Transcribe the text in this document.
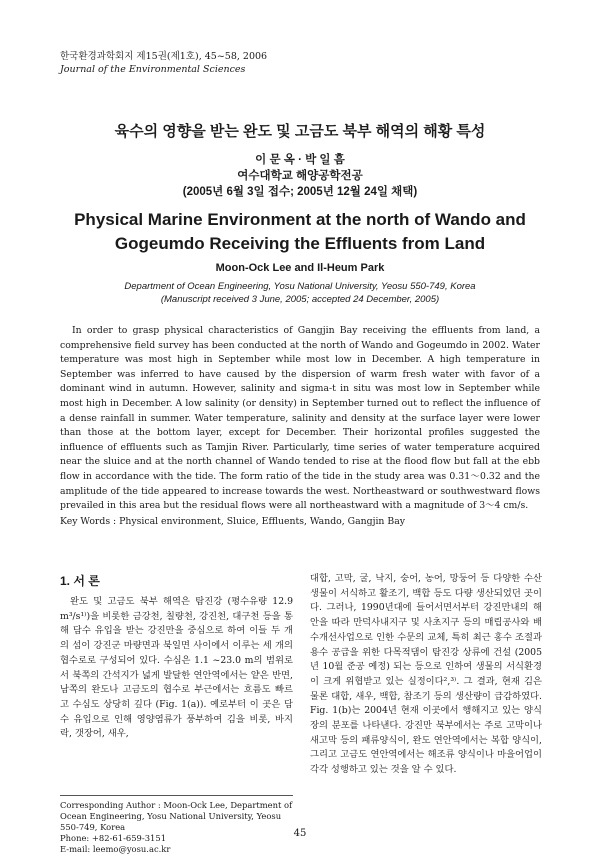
한국환경과학회지 제15권(제1호), 45~58, 2006
Journal of the Environmental Sciences
육수의 영향을 받는 완도 및 고금도 북부 해역의 해황 특성
이 문 옥 · 박 일 흠
여수대학교 해양공학전공
(2005년 6월 3일 접수; 2005년 12월 24일 채택)
Physical Marine Environment at the north of Wando and
Gogeumdo Receiving the Effluents from Land
Moon-Ock Lee and Il-Heum Park
Department of Ocean Engineering, Yosu National University, Yeosu 550-749, Korea
(Manuscript received 3 June, 2005; accepted 24 December, 2005)

In order to grasp physical characteristics of Gangjin Bay receiving the effluents from land, a comprehensive field survey has been conducted at the north of Wando and Gogeumdo in 2002. Water temperature was most high in September while most low in December. A high temperature in September was inferred to have caused by the dispersion of warm fresh water with favor of a dominant wind in autumn. However, salinity and sigma-t in situ was most low in September while most high in December. A low salinity (or density) in September turned out to reflect the influence of a dense rainfall in summer. Water temperature, salinity and density at the surface layer were lower than those at the bottom layer, except for December. Their horizontal profiles suggested the influence of effluents such as Tamjin River. Particularly, time series of water temperature acquired near the sluice and at the north channel of Wando tended to rise at the flood flow but fall at the ebb flow in accordance with the tide. The form ratio of the tide in the study area was 0.31～0.32 and the amplitude of the tide appeared to increase towards the west. Northeastward or southwestward flows prevailed in this area but the residual flows were all northeastward with a magnitude of 3～4 cm/s.

Key Words : Physical environment, Sluice, Effluents, Wando, Gangjin Bay
1. 서 론

완도 및 고금도 북부 해역은 탐진강 (평수유량 12.9 m³/s¹⁾)을 비롯한 금강천, 칠량천, 강진천, 대구천 등을 통해 담수 유입을 받는 강진만을 중심으로 하여 이들 두 개의 섬이 강진군 마량면과 북일면 사이에서 이루는 세 개의 협수로로 구성되어 있다. 수심은 1.1 ~23.0 m의 범위로서 북쪽의 간석지가 넓게 발달한 연안역에서는 얕은 반면, 남쪽의 완도나 고금도의 협수로 부근에서는 흐름도 빠르고 수심도 상당히 깊다 (Fig. 1(a)). 예로부터 이 곳은 담수 유입으로 인해 영양염류가 풍부하여 김을 비롯, 바지락, 갯장어, 새우,

대합, 고막, 굴, 낙지, 숭어, 농어, 망둥어 등 다양한 수산생물이 서식하고 활조기, 백합 등도 다량 생산되었던 곳이다. 그러나, 1990년대에 들어서면서부터 강진만내의 해안을 따라 만덕사내지구 및 사초지구 등의 매립공사와 배수개선사업으로 인한 수문의 교체, 특히 최근 홍수 조절과 용수 공급을 위한 다목적댐이 탐진강 상류에 건설 (2005년 10월 준공 예정) 되는 등으로 인하여 생물의 서식환경이 크게 위협받고 있는 실정이다²,³⁾. 그 결과, 현재 김은 물론 대합, 새우, 백합, 참조기 등의 생산량이 급감하였다. Fig. 1(b)는 2004년 현재 이곳에서 행해지고 있는 양식장의 분포를 나타낸다. 강진만 북부에서는 주로 고막이나 새고막 등의 패류양식이, 완도 연안역에서는 복합 양식이, 그리고 고금도 연안역에서는 해조류 양식이나 마을어업이 각각 성행하고 있는 것을 알 수 있다.
Corresponding Author : Moon-Ock Lee, Department of Ocean Engineering, Yosu National University, Yeosu 550-749, Korea
Phone: +82-61-659-3151
E-mail: leemo@yosu.ac.kr
45
